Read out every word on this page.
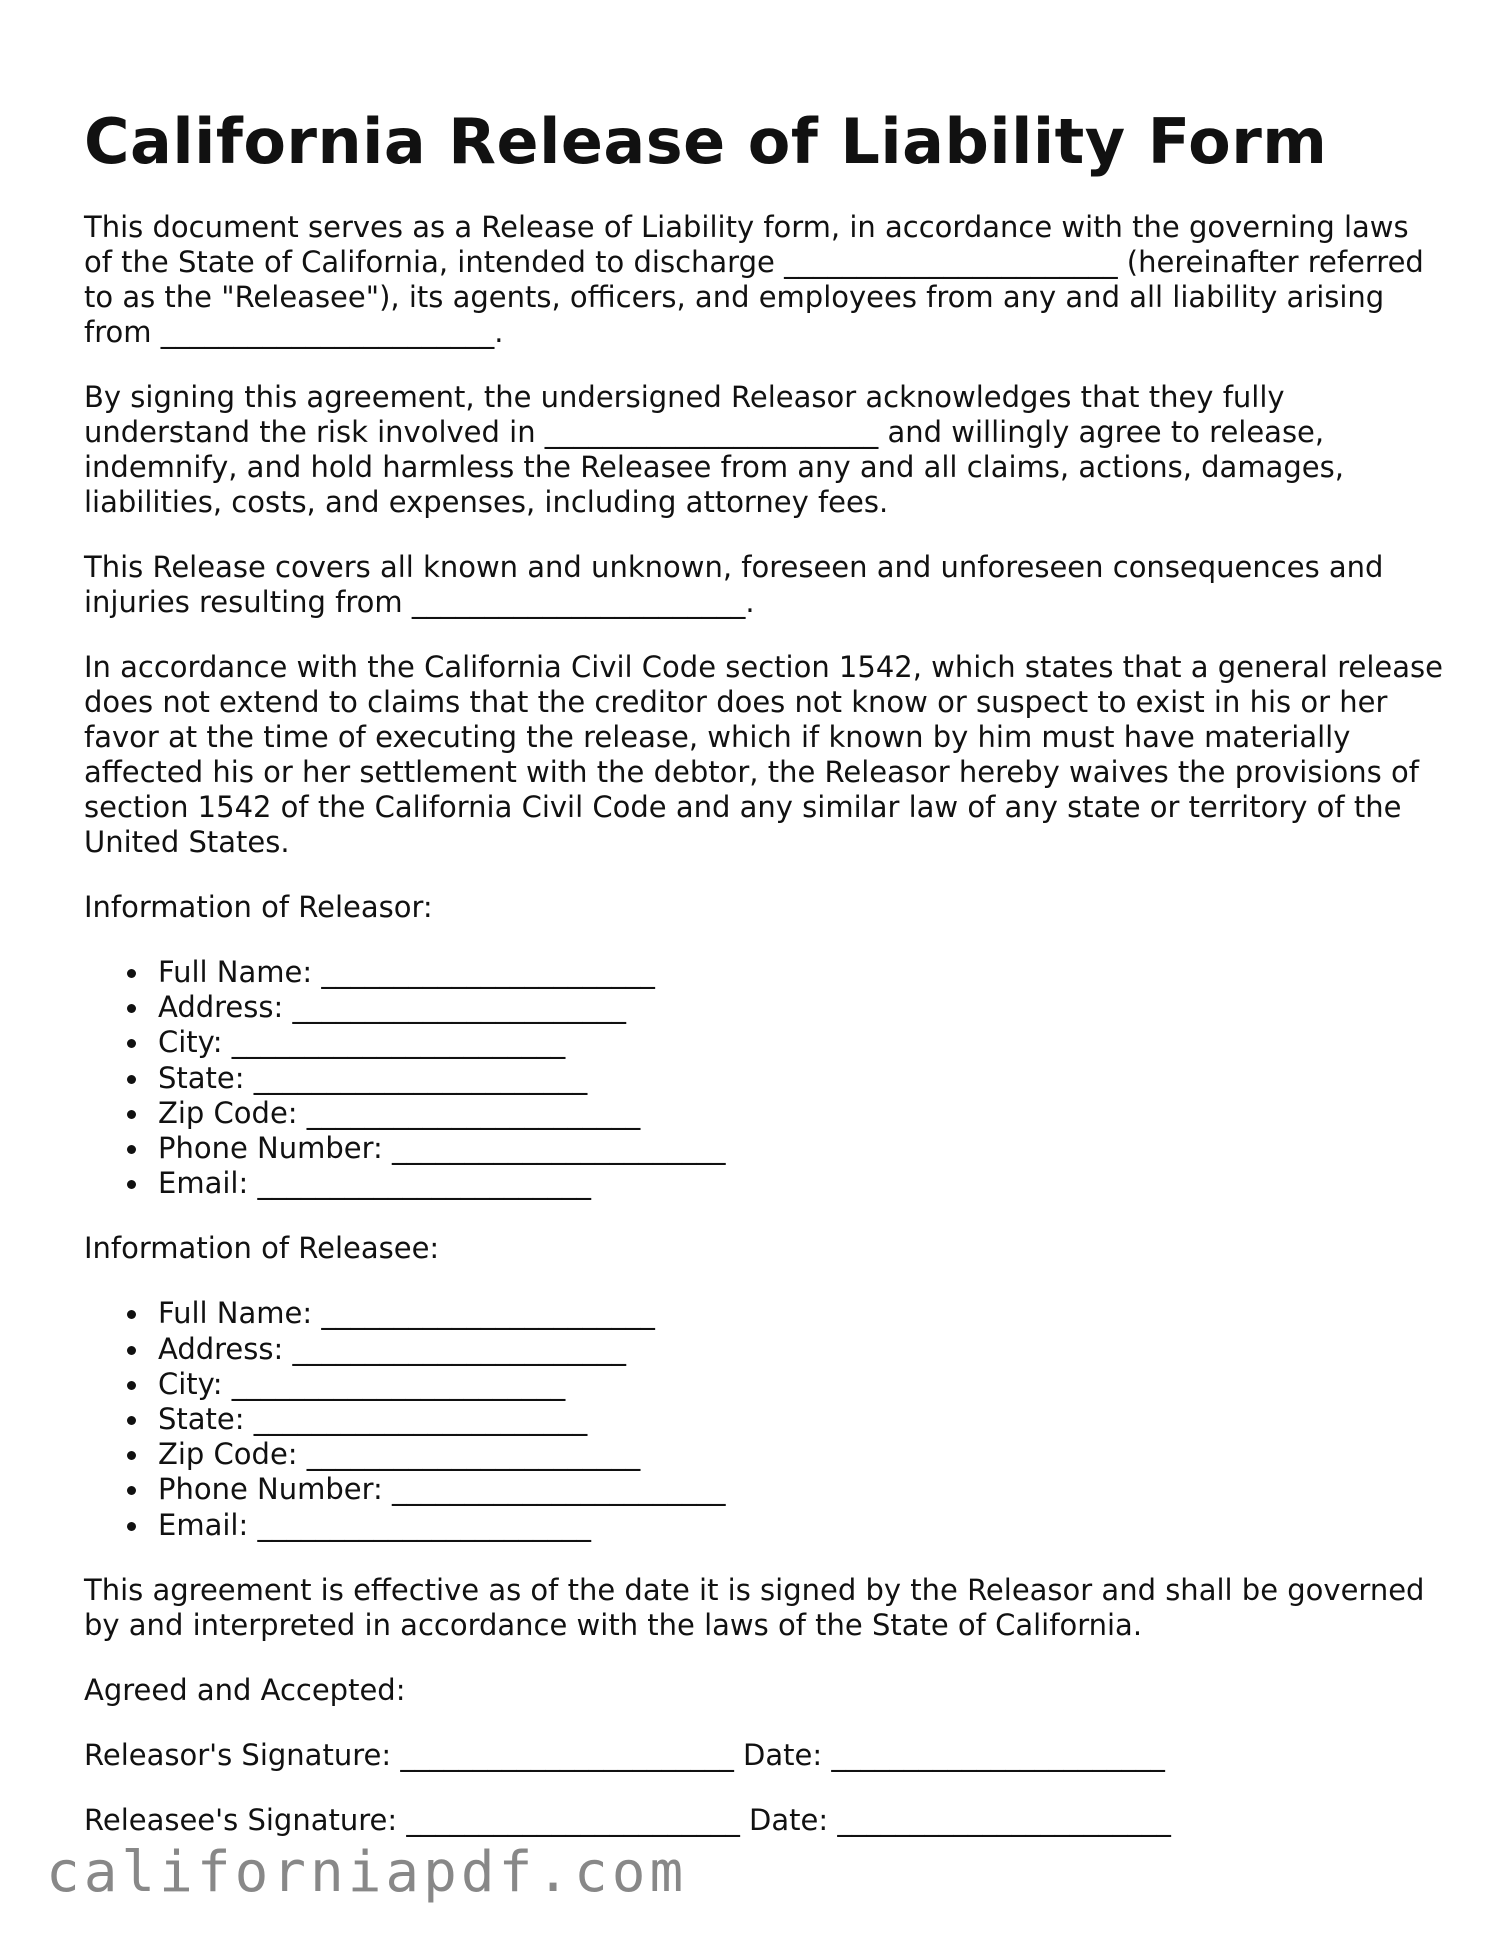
California Release of Liability Form

This document serves as a Release of Liability form, in accordance with the governing laws of the State of California, intended to discharge _______________________ (hereinafter referred to as the "Releasee"), its agents, officers, and employees from any and all liability arising from _______________________.

By signing this agreement, the undersigned Releasor acknowledges that they fully understand the risk involved in _______________________ and willingly agree to release, indemnify, and hold harmless the Releasee from any and all claims, actions, damages, liabilities, costs, and expenses, including attorney fees.

This Release covers all known and unknown, foreseen and unforeseen consequences and injuries resulting from _______________________.

In accordance with the California Civil Code section 1542, which states that a general release does not extend to claims that the creditor does not know or suspect to exist in his or her favor at the time of executing the release, which if known by him must have materially affected his or her settlement with the debtor, the Releasor hereby waives the provisions of section 1542 of the California Civil Code and any similar law of any state or territory of the United States.

Information of Releasor:

Full Name: _______________________
Address: _______________________
City: _______________________
State: _______________________
Zip Code: _______________________
Phone Number: _______________________
Email: _______________________

Information of Releasee:

Full Name: _______________________
Address: _______________________
City: _______________________
State: _______________________
Zip Code: _______________________
Phone Number: _______________________
Email: _______________________

This agreement is effective as of the date it is signed by the Releasor and shall be governed by and interpreted in accordance with the laws of the State of California.

Agreed and Accepted:

Releasor's Signature: _______________________ Date: _______________________
Releasee's Signature: _______________________ Date: _______________________
californiapdf.com
